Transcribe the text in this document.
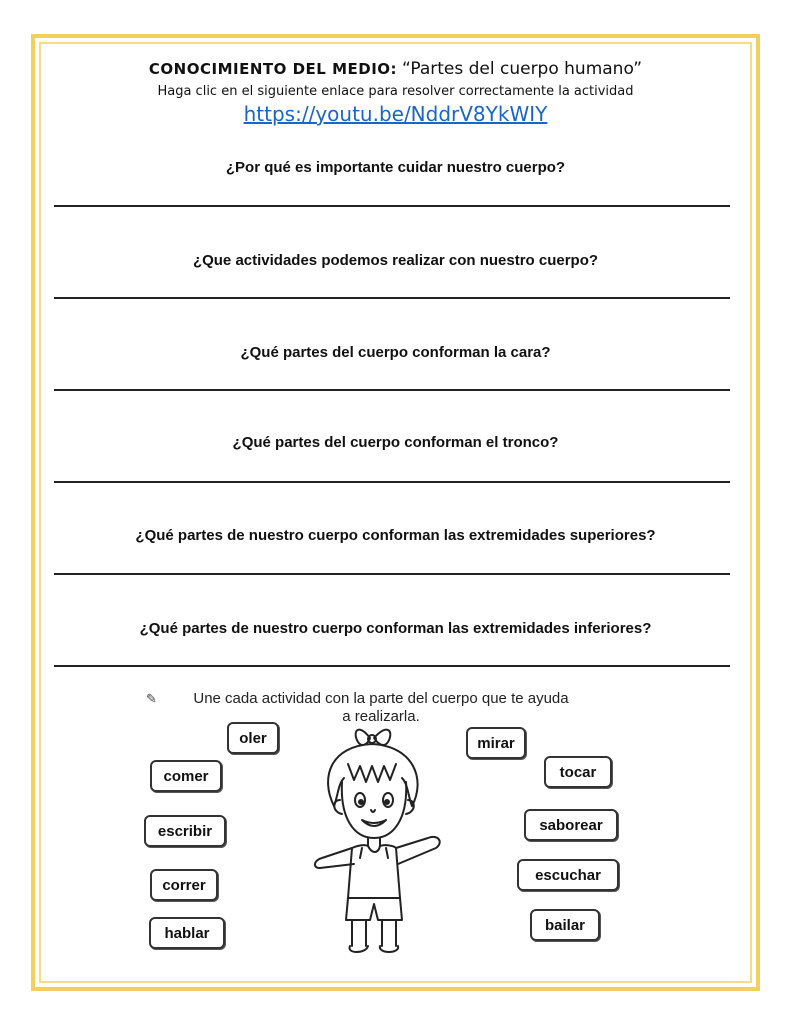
CONOCIMIENTO DEL MEDIO: “Partes del cuerpo humano”
Haga clic en el siguiente enlace para resolver correctamente la actividad
https://youtu.be/NddrV8YkWIY
¿Por qué es importante cuidar nuestro cuerpo?
¿Que actividades podemos realizar con nuestro cuerpo?
¿Qué partes del cuerpo conforman la cara?
¿Qué partes del cuerpo conforman el tronco?
¿Qué partes de nuestro cuerpo conforman las extremidades superiores?
¿Qué partes de nuestro cuerpo conforman las extremidades inferiores?
✎	Une cada actividad con la parte del cuerpo que te ayuda
a realizarla.
oler
comer
escribir
correr
hablar
mirar
tocar
saborear
escuchar
bailar
